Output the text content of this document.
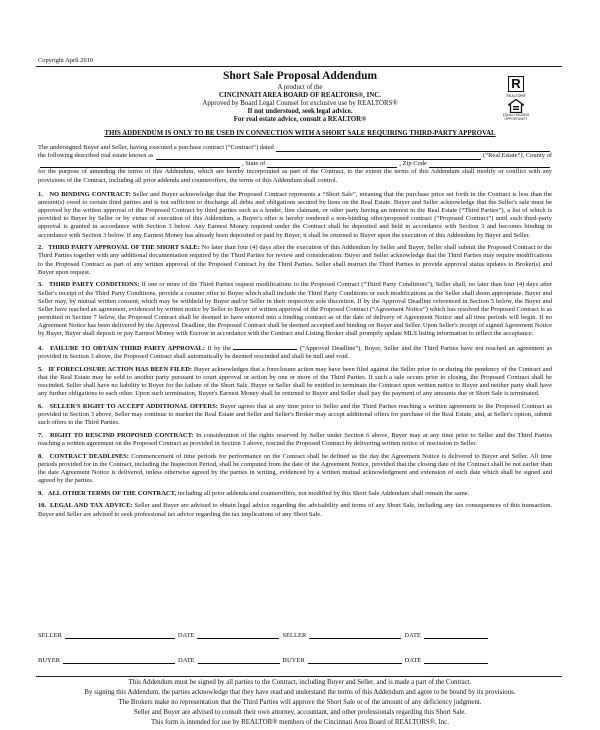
Copyright April 2010
Short Sale Proposal Addendum
A product of the
CINCINNATI AREA BOARD OF REALTORS®, INC.
Approved by Board Legal Counsel for exclusive use by REALTORS®
If not understood, seek legal advice.
For real estate advice, consult a REALTOR®
R
REALTOR®
EQUAL HOUSING OPPORTUNITY
THIS ADDENDUM IS ONLY TO BE USED IN CONNECTION WITH A SHORT SALE REQUIRING THIRD-PARTY APPROVAL
The undersigned Buyer and Seller, having executed a purchase contract (“Contract”) dated
the following described real estate known as	(“Real Estate”), County of
, State of	, Zip Code

for the purpose of amending the terms of this Addendum, which are hereby incorporated as part of the Contract, to the extent the terms of this Addendum shall modify or conflict with any provisions of the Contract, including all prior addenda and counteroffers, the terms of this Addendum shall control.

1. NO BINDING CONTRACT: Seller and Buyer acknowledge that the Proposed Contract represents a “Short Sale”, meaning that the purchase price set forth in the Contract is less than the amount(s) owed to certain third parties and is not sufficient to discharge all debts and obligations secured by liens on the Real Estate. Buyer and Seller acknowledge that the Seller's sale must be approved by the written approval of the Proposed Contract by third parties such as a lender, lien claimant, or other party having an interest in the Real Estate (“Third Parties”), a list of which is provided to Buyer by Seller or by virtue of execution of this Addendum, a Buyer's offer is hereby rendered a non-binding offer/proposed contract (“Proposed Contract”) until such third-party approval is granted in accordance with Section 3 below. Any Earnest Money required under the Contract shall be deposited and held in accordance with Section 3 and becomes binding in accordance with Section 3 below. If any Earnest Money has already been deposited or paid by Buyer, it shall be returned to Buyer upon the execution of this Addendum by Buyer and Seller.

2. THIRD PARTY APPROVAL OF THE SHORT SALE: No later than four (4) days after the execution of this Addendum by Seller and Buyer, Seller shall submit the Proposed Contract to the Third Parties together with any additional documentation required by the Third Parties for review and consideration. Buyer and Seller acknowledge that the Third Parties may require modifications to the Proposed Contract as part of any written approval of the Proposed Contract by the Third Parties. Seller shall instruct the Third Parties to provide approval status updates to Broker(s) and Buyer upon request.

3. THIRD PARTY CONDITIONS: If one or more of the Third Parties request modifications to the Proposed Contract (“Third Party Conditions”), Seller shall, no later than four (4) days after Seller's receipt of the Third Party Conditions, provide a counter offer to Buyer which shall include the Third Party Conditions or such modifications as the Seller shall deem appropriate. Buyer and Seller may, by mutual written consent, which may be withheld by Buyer and/or Seller in their respective sole discretion. If by the Approval Deadline referenced in Section 5 below, the Buyer and Seller have reached an agreement, evidenced by written notice by Seller to Buyer of written approval of the Proposed Contract (“Agreement Notice”) which has resolved the Proposed Contract is as permitted in Section 7 below, the Proposed Contract shall be deemed to have entered into a binding contract as of the date of delivery of Agreement Notice and all time periods will begin. If no Agreement Notice has been delivered by the Approval Deadline, the Proposed Contract shall be deemed accepted and binding on Buyer and Seller. Upon Seller's receipt of signed Agreement Notice by Buyer, Buyer shall deposit or pay Earnest Money with Escrow in accordance with the Contract and Listing Broker shall promptly update MLS listing information to reflect the acceptance.

4. FAILURE TO OBTAIN THIRD PARTY APPROVAL: If by the	(“Approval Deadline”), Buyer, Seller and the Third Parties have not reached an agreement as provided in Section 3 above, the Proposed Contract shall automatically be deemed rescinded and shall be null and void.

5. IF FORECLOSURE ACTION HAS BEEN FILED: Buyer acknowledges that a foreclosure action may have been filed against the Seller prior to or during the pendency of the Contract and that the Real Estate may be sold to another party pursuant to court approval or action by one or more of the Third Parties. If such a sale occurs prior to closing, the Proposed Contract shall be rescinded. Seller shall have no liability to Buyer for the failure of the Short Sale. Buyer or Seller shall be entitled to terminate the Contract upon written notice to Buyer and neither party shall have any further obligations to each other. Upon such termination, Buyer's Earnest Money shall be returned to Buyer and Seller shall pay the payment of any amounts due or Short Sale is terminated.

6. SELLER'S RIGHT TO ACCEPT ADDITIONAL OFFERS: Buyer agrees that at any time prior to Seller and the Third Parties reaching a written agreement to the Proposed Contract as provided in Section 3 above, Seller may continue to market the Real Estate and Seller and Seller's Broker may accept additional offers for purchase of the Real Estate, and, at Seller's option, submit such offers to the Third Parties.

7. RIGHT TO RESCIND PROPOSED CONTRACT: In consideration of the rights reserved by Seller under Section 6 above, Buyer may at any time prior to Seller and the Third Parties reaching a written agreement on the Proposed Contract as provided in Section 3 above, rescind the Proposed Contract by delivering written notice of rescission to Seller.

8. CONTRACT DEADLINES: Commencement of time periods for performance on the Contract shall be defined as the day the Agreement Notice is delivered to Buyer and Seller. All time periods provided for in the Contract, including the Inspection Period, shall be computed from the date of the Agreement Notice, provided that the closing date of the Contract shall be not earlier than the date Agreement Notice is delivered, unless otherwise agreed by the parties in writing, evidenced by a written mutual acknowledgment and extension of such date which shall be signed and agreed by the parties.

9. ALL OTHER TERMS OF THE CONTRACT, including all prior addenda and counteroffers, not modified by this Short Sale Addendum shall remain the same.

10. LEGAL AND TAX ADVICE: Seller and Buyer are advised to obtain legal advice regarding the advisability and terms of any Short Sale, including any tax consequences of this transaction. Buyer and Seller are advised to seek professional tax advice regarding the tax implications of any Short Sale.

SELLER	DATE	SELLER	DATE
BUYER	DATE	BUYER	DATE
This Addendum must be signed by all parties to the Contract, including Buyer and Seller, and is made a part of the Contract.
By signing this Addendum, the parties acknowledge that they have read and understand the terms of this Addendum and agree to be bound by its provisions.
The Brokers make no representation that the Third Parties will approve the Short Sale or of the amount of any deficiency judgment.
Seller and Buyer are advised to consult their own attorney, accountant, and other professionals regarding this Short Sale.
This form is intended for use by REALTOR® members of the Cincinnati Area Board of REALTORS®, Inc.
